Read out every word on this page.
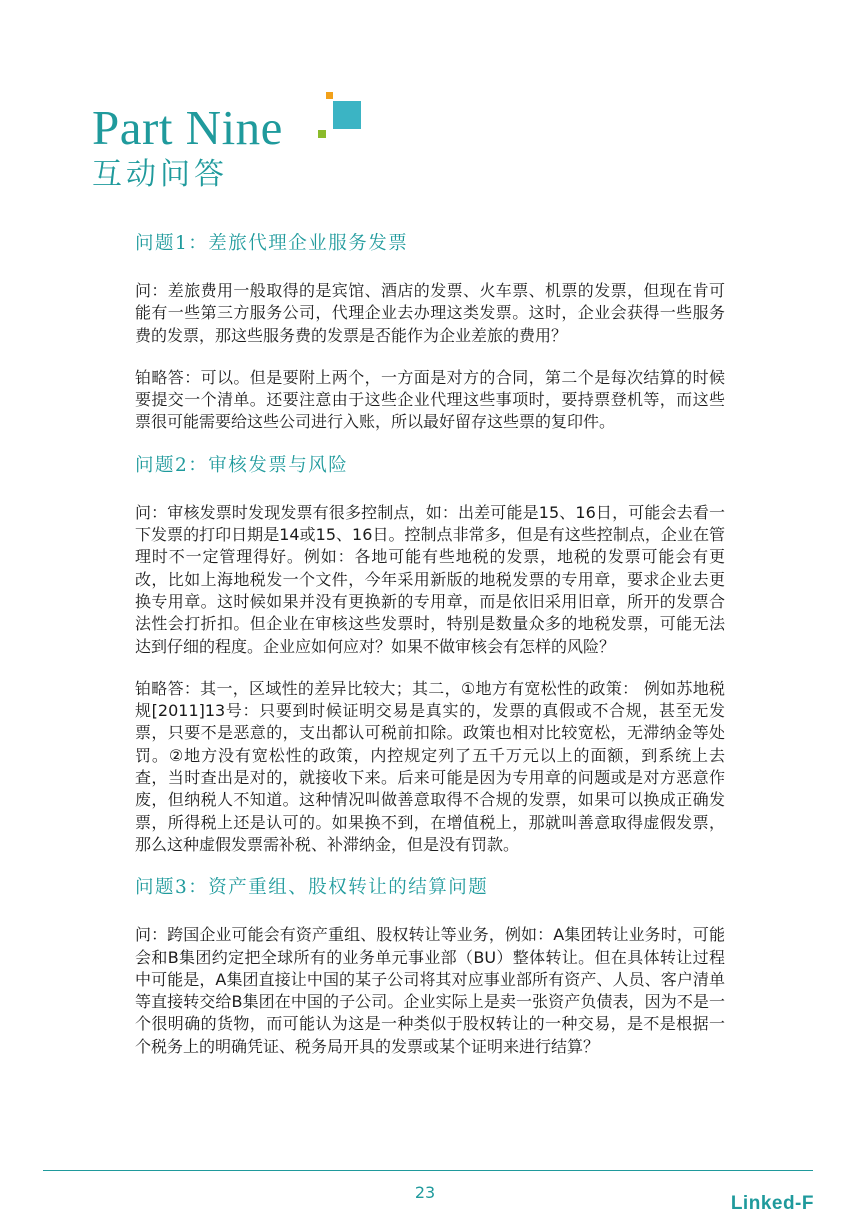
Part Nine
互动问答
问题1：差旅代理企业服务发票

问：差旅费用一般取得的是宾馆、酒店的发票、火车票、机票的发票，但现在肯可能有一些第三方服务公司，代理企业去办理这类发票。这时，企业会获得一些服务费的发票，那这些服务费的发票是否能作为企业差旅的费用？

铂略答：可以。但是要附上两个，一方面是对方的合同，第二个是每次结算的时候要提交一个清单。还要注意由于这些企业代理这些事项时，要持票登机等，而这些票很可能需要给这些公司进行入账，所以最好留存这些票的复印件。

问题2：审核发票与风险

问：审核发票时发现发票有很多控制点，如：出差可能是15、16日，可能会去看一下发票的打印日期是14或15、16日。控制点非常多，但是有这些控制点，企业在管理时不一定管理得好。例如：各地可能有些地税的发票，地税的发票可能会有更改，比如上海地税发一个文件，今年采用新版的地税发票的专用章，要求企业去更换专用章。这时候如果并没有更换新的专用章，而是依旧采用旧章，所开的发票合法性会打折扣。但企业在审核这些发票时，特别是数量众多的地税发票，可能无法达到仔细的程度。企业应如何应对？如果不做审核会有怎样的风险？

铂略答：其一，区域性的差异比较大；其二，①地方有宽松性的政策： 例如苏地税规[2011]13号：只要到时候证明交易是真实的，发票的真假或不合规，甚至无发票，只要不是恶意的，支出都认可税前扣除。政策也相对比较宽松，无滞纳金等处罚。②地方没有宽松性的政策，内控规定列了五千万元以上的面额，到系统上去查，当时查出是对的，就接收下来。后来可能是因为专用章的问题或是对方恶意作废，但纳税人不知道。这种情况叫做善意取得不合规的发票，如果可以换成正确发票，所得税上还是认可的。如果换不到，在增值税上，那就叫善意取得虚假发票，那么这种虚假发票需补税、补滞纳金，但是没有罚款。

问题3：资产重组、股权转让的结算问题

问：跨国企业可能会有资产重组、股权转让等业务，例如：A集团转让业务时，可能会和B集团约定把全球所有的业务单元事业部（BU）整体转让。但在具体转让过程中可能是，A集团直接让中国的某子公司将其对应事业部所有资产、人员、客户清单等直接转交给B集团在中国的子公司。企业实际上是卖一张资产负债表，因为不是一个很明确的货物，而可能认为这是一种类似于股权转让的一种交易，是不是根据一个税务上的明确凭证、税务局开具的发票或某个证明来进行结算？

23
Linked-F
